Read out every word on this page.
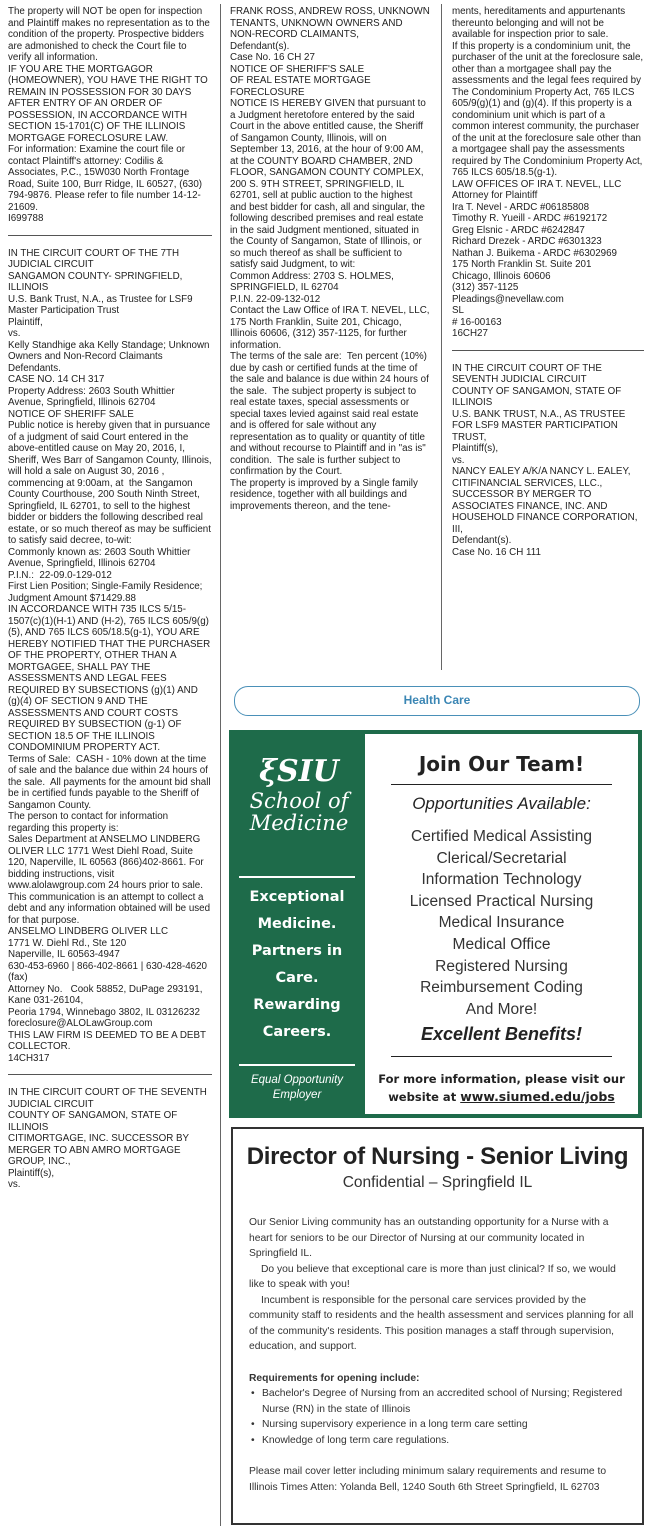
The property will NOT be open for inspection and Plaintiff makes no representation as to the condition of the property. Prospective bidders are admonished to check the Court file to verify all information.
IF YOU ARE THE MORTGAGOR (HOMEOWNER), YOU HAVE THE RIGHT TO REMAIN IN POSSESSION FOR 30 DAYS AFTER ENTRY OF AN ORDER OF POSSESSION, IN ACCORDANCE WITH SECTION 15-1701(C) OF THE ILLINOIS MORTGAGE FORECLOSURE LAW.
For information: Examine the court file or contact Plaintiff's attorney: Codilis & Associates, P.C., 15W030 North Frontage Road, Suite 100, Burr Ridge, IL 60527, (630) 794-9876. Please refer to file number 14-12-21609.
I699788

IN THE CIRCUIT COURT OF THE 7TH JUDICIAL CIRCUIT
SANGAMON COUNTY- SPRINGFIELD, ILLINOIS
U.S. Bank Trust, N.A., as Trustee for LSF9 Master Participation Trust
Plaintiff,
vs.
Kelly Standhige aka Kelly Standage; Unknown Owners and Non-Record Claimants
Defendants.
CASE NO. 14 CH 317
Property Address: 2603 South Whittier Avenue, Springfield, Illinois 62704
NOTICE OF SHERIFF SALE
Public notice is hereby given that in pursuance of a judgment of said Court entered in the above-entitled cause on May 20, 2016, I, Sheriff, Wes Barr of Sangamon County, Illinois, will hold a sale on August 30, 2016 , commencing at 9:00am, at  the Sangamon County Courthouse, 200 South Ninth Street, Springfield, IL 62701, to sell to the highest bidder or bidders the following described real estate, or so much thereof as may be sufficient to satisfy said decree, to-wit:
Commonly known as: 2603 South Whittier Avenue, Springfield, Illinois 62704
P.I.N.:  22-09.0-129-012
First Lien Position; Single-Family Residence; Judgment Amount $71429.88
IN ACCORDANCE WITH 735 ILCS 5/15-1507(c)(1)(H-1) AND (H-2), 765 ILCS 605/9(g)(5), AND 765 ILCS 605/18.5(g-1), YOU ARE HEREBY NOTIFIED THAT THE PURCHASER OF THE PROPERTY, OTHER THAN A MORTGAGEE, SHALL PAY THE ASSESSMENTS AND LEGAL FEES REQUIRED BY SUBSECTIONS (g)(1) AND (g)(4) OF SECTION 9 AND THE ASSESSMENTS AND COURT COSTS REQUIRED BY SUBSECTION (g-1) OF SECTION 18.5 OF THE ILLINOIS CONDOMINIUM PROPERTY ACT.
Terms of Sale:  CASH - 10% down at the time of sale and the balance due within 24 hours of the sale.  All payments for the amount bid shall be in certified funds payable to the Sheriff of Sangamon County.
The person to contact for information regarding this property is:
Sales Department at ANSELMO LINDBERG OLIVER LLC 1771 West Diehl Road, Suite 120, Naperville, IL 60563 (866)402-8661. For bidding instructions, visit www.alolawgroup.com 24 hours prior to sale.
This communication is an attempt to collect a debt and any information obtained will be used for that purpose.
ANSELMO LINDBERG OLIVER LLC
1771 W. Diehl Rd., Ste 120
Naperville, IL 60563-4947
630-453-6960 | 866-402-8661 | 630-428-4620 (fax)
Attorney No.   Cook 58852, DuPage 293191, Kane 031-26104,
Peoria 1794, Winnebago 3802, IL 03126232
foreclosure@ALOLawGroup.com
THIS LAW FIRM IS DEEMED TO BE A DEBT COLLECTOR.
14CH317

IN THE CIRCUIT COURT OF THE SEVENTH JUDICIAL CIRCUIT
COUNTY OF SANGAMON, STATE OF ILLINOIS
CITIMORTGAGE, INC. SUCCESSOR BY MERGER TO ABN AMRO MORTGAGE GROUP, INC.,
Plaintiff(s),
vs.

FRANK ROSS, ANDREW ROSS, UNKNOWN TENANTS, UNKNOWN OWNERS AND NON-RECORD CLAIMANTS,
Defendant(s).
Case No. 16 CH 27
NOTICE OF SHERIFF'S SALE
OF REAL ESTATE MORTGAGE FORECLOSURE
NOTICE IS HEREBY GIVEN that pursuant to a Judgment heretofore entered by the said Court in the above entitled cause, the Sheriff of Sangamon County, Illinois, will on September 13, 2016, at the hour of 9:00 AM, at the COUNTY BOARD CHAMBER, 2ND FLOOR, SANGAMON COUNTY COMPLEX, 200 S. 9TH STREET, SPRINGFIELD, IL 62701, sell at public auction to the highest and best bidder for cash, all and singular, the following described premises and real estate in the said Judgment mentioned, situated in the County of Sangamon, State of Illinois, or so much thereof as shall be sufficient to satisfy said Judgment, to wit:
Common Address: 2703 S. HOLMES, SPRINGFIELD, IL 62704
P.I.N. 22-09-132-012
Contact the Law Office of IRA T. NEVEL, LLC, 175 North Franklin, Suite 201, Chicago, Illinois 60606, (312) 357-1125, for further information.
The terms of the sale are:  Ten percent (10%) due by cash or certified funds at the time of the sale and balance is due within 24 hours of the sale.  The subject property is subject to real estate taxes, special assessments or special taxes levied against said real estate and is offered for sale without any representation as to quality or quantity of title and without recourse to Plaintiff and in "as is" condition.  The sale is further subject to confirmation by the Court.
The property is improved by a Single family residence, together with all buildings and improvements thereon, and the tene-

ments, hereditaments and appurtenants thereunto belonging and will not be available for inspection prior to sale.
If this property is a condominium unit, the purchaser of the unit at the foreclosure sale, other than a mortgagee shall pay the assessments and the legal fees required by The Condominium Property Act, 765 ILCS 605/9(g)(1) and (g)(4). If this property is a condominium unit which is part of a common interest community, the purchaser of the unit at the foreclosure sale other than a mortgagee shall pay the assessments required by The Condominium Property Act, 765 ILCS 605/18.5(g-1).
LAW OFFICES OF IRA T. NEVEL, LLC
Attorney for Plaintiff
Ira T. Nevel - ARDC #06185808
Timothy R. Yueill - ARDC #6192172
Greg Elsnic - ARDC #6242847
Richard Drezek - ARDC #6301323
Nathan J. Buikema - ARDC #6302969
175 North Franklin St. Suite 201
Chicago, Illinois 60606
(312) 357-1125
Pleadings@nevellaw.com
SL
# 16-00163
16CH27

IN THE CIRCUIT COURT OF THE SEVENTH JUDICIAL CIRCUIT
COUNTY OF SANGAMON, STATE OF ILLINOIS
U.S. BANK TRUST, N.A., AS TRUSTEE FOR LSF9 MASTER PARTICIPATION TRUST,
Plaintiff(s),
vs.
NANCY EALEY A/K/A NANCY L. EALEY, CITIFINANCIAL SERVICES, LLC., SUCCESSOR BY MERGER TO ASSOCIATES FINANCE, INC. AND HOUSEHOLD FINANCE CORPORATION, III,
Defendant(s).
Case No. 16 CH 111

Health Care
ξSIU
School of
Medicine
Exceptional
Medicine.
Partners in
Care.
Rewarding
Careers.
Equal Opportunity Employer
Join Our Team!
Opportunities Available:
Certified Medical Assisting
Clerical/Secretarial
Information Technology
Licensed Practical Nursing
Medical Insurance
Medical Office
Registered Nursing
Reimbursement Coding
And More!
Excellent Benefits!
For more information, please visit our website at www.siumed.edu/jobs
Director of Nursing - Senior Living
Confidential – Springfield IL

Our Senior Living community has an outstanding opportunity for a Nurse with a heart for seniors to be our Director of Nursing at our community located in Springfield IL.

Do you believe that exceptional care is more than just clinical? If so, we would like to speak with you!

Incumbent is responsible for the personal care services provided by the community staff to residents and the health assessment and services planning for all of the community's residents. This position manages a staff through supervision, education, and support.

Requirements for opening include:

• Bachelor's Degree of Nursing from an accredited school of Nursing; Registered Nurse (RN) in the state of Illinois
• Nursing supervisory experience in a long term care setting
• Knowledge of long term care regulations.

Please mail cover letter including minimum salary requirements and resume to Illinois Times Atten: Yolanda Bell, 1240 South 6th Street Springfield, IL 62703
